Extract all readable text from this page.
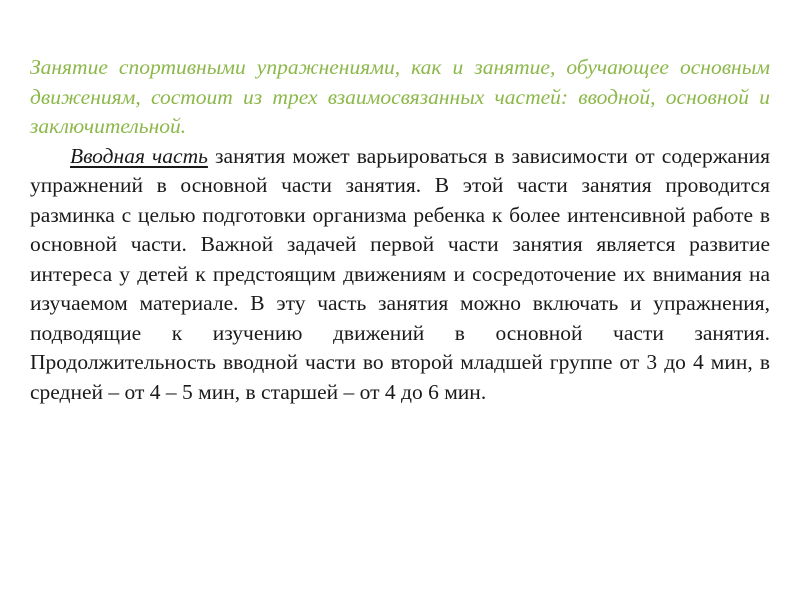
Занятие спортивными упражнениями, как и занятие, обучающее основным движениям, состоит из трех взаимосвязанных частей: вводной, основной и заключительной.

Вводная часть занятия может варьироваться в зависимости от содержания упражнений в основной части занятия. В этой части занятия проводится разминка с целью подготовки организма ребенка к более интенсивной работе в основной части. Важной задачей первой части занятия является развитие интереса у детей к предстоящим движениям и сосредоточение их внимания на изучаемом материале. В эту часть занятия можно включать и упражнения, подводящие к изучению движений в основной части занятия. Продолжительность вводной части во второй младшей группе от 3 до 4 мин, в средней – от 4 – 5 мин, в старшей – от 4 до 6 мин.
